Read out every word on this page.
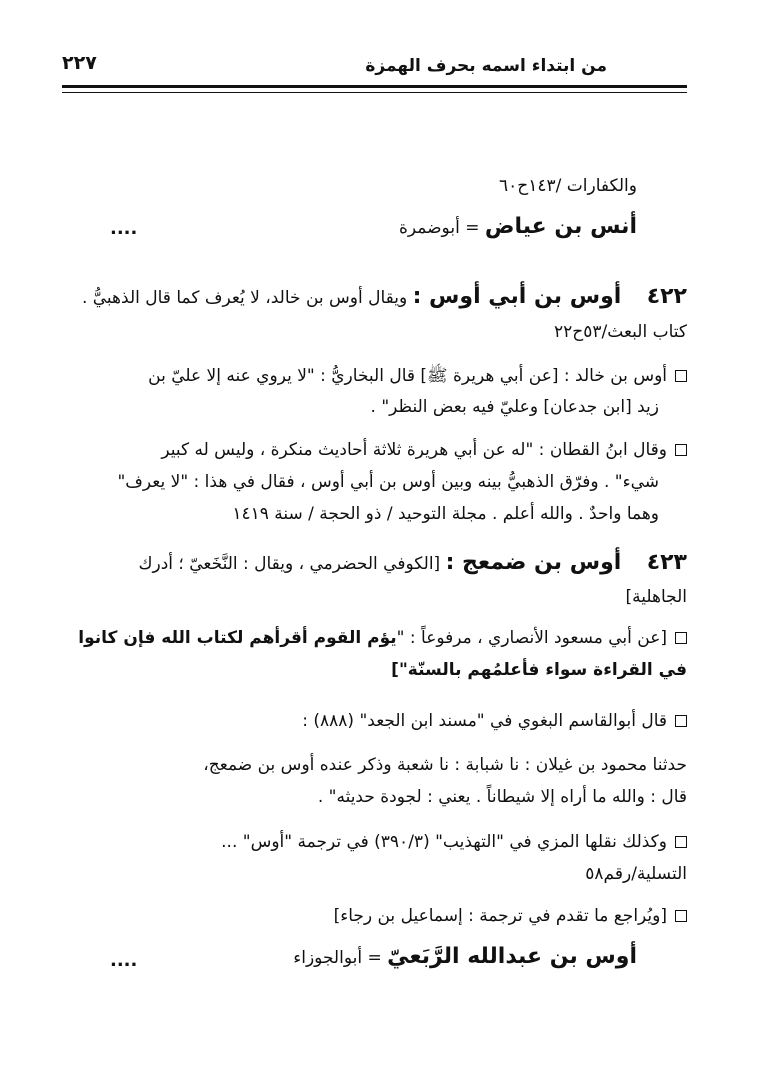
من ابتداء اسمه بحرف الهمزة
٢٢٧
والكفارات /١٤٣ح٦٠
أنس بن عياض = أبوضمرة
....
٤٢٢ أوس بن أبي أوس : ويقال أوس بن خالد، لا يُعرف كما قال الذهبيُّ .
كتاب البعث/٥٣ح٢٢
أوس بن خالد : [عن أبي هريرة ﷺ] قال البخاريُّ : "لا يروي عنه إلا عليّ بن
زيد [ابن جدعان] وعليّ فيه بعض النظر" .
وقال ابنُ القطان : "له عن أبي هريرة ثلاثة أحاديث منكرة ، وليس له كبير
شيء" . وفرّق الذهبيُّ بينه وبين أوس بن أبي أوس ، فقال في هذا : "لا يعرف"
وهما واحدٌ . والله أعلم . مجلة التوحيد / ذو الحجة / سنة ١٤١٩
٤٢٣ أوس بن ضمعج : [الكوفي الحضرمي ، ويقال : النَّخَعيّ ؛ أدرك
الجاهلية]
[عن أبي مسعود الأنصاري ، مرفوعاً : "يؤم القوم أقرأهم لكتاب الله فإن كانوا
في القراءة سواء فأعلمُهم بالسنّة"]
قال أبوالقاسم البغوي في "مسند ابن الجعد" (٨٨٨) :
حدثنا محمود بن غيلان : نا شبابة : نا شعبة وذكر عنده أوس بن ضمعج،
قال : والله ما أراه إلا شيطاناً . يعني : لجودة حديثه" .
وكذلك نقلها المزي في "التهذيب" (٣٩٠/٣) في ترجمة "أوس" ...
التسلية/رقم٥٨
[ويُراجع ما تقدم في ترجمة : إسماعيل بن رجاء]
أوس بن عبدالله الرَّبَعيّ = أبوالجوزاء
....
